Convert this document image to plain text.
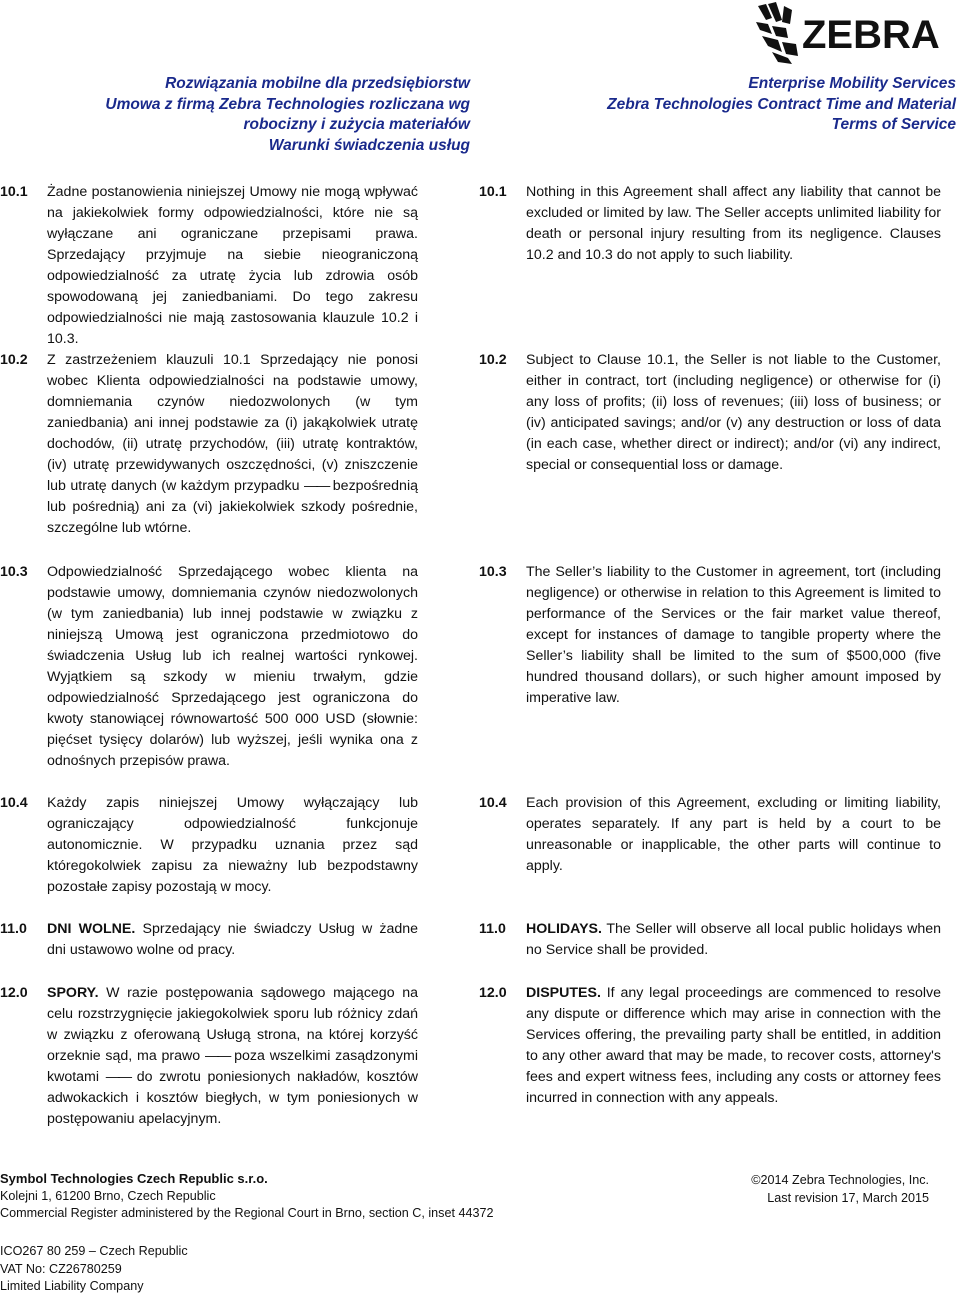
ZEBRA
Rozwiązania mobilne dla przedsiębiorstw
Umowa z firmą Zebra Technologies rozliczana wg
robocizny i zużycia materiałów
Warunki świadczenia usług
Enterprise Mobility Services
Zebra Technologies Contract Time and Material
Terms of Service
10.1	Żadne postanowienia niniejszej Umowy nie mogą wpływać na jakiekolwiek formy odpowiedzialności, które nie są wyłączane ani ograniczane przepisami prawa. Sprzedający przyjmuje na siebie nieograniczoną odpowiedzialność za utratę życia lub zdrowia osób spowodowaną jej zaniedbaniami. Do tego zakresu odpowiedzialności nie mają zastosowania klauzule 10.2 i 10.3.
10.2	Z zastrzeżeniem klauzuli 10.1 Sprzedający nie ponosi wobec Klienta odpowiedzialności na podstawie umowy, domniemania czynów niedozwolonych (w tym zaniedbania) ani innej podstawie za (i) jakąkolwiek utratę dochodów, (ii) utratę przychodów, (iii) utratę kontraktów, (iv) utratę przewidywanych oszczędności, (v) zniszczenie lub utratę danych (w każdym przypadku —— bezpośrednią lub pośrednią) ani za (vi) jakiekolwiek szkody pośrednie, szczególne lub wtórne.
10.3	Odpowiedzialność Sprzedającego wobec klienta na podstawie umowy, domniemania czynów niedozwolonych (w tym zaniedbania) lub innej podstawie w związku z niniejszą Umową jest ograniczona przedmiotowo do świadczenia Usług lub ich realnej wartości rynkowej. Wyjątkiem są szkody w mieniu trwałym, gdzie odpowiedzialność Sprzedającego jest ograniczona do kwoty stanowiącej równowartość 500 000 USD (słownie: pięćset tysięcy dolarów) lub wyższej, jeśli wynika ona z odnośnych przepisów prawa.
10.4	Każdy zapis niniejszej Umowy wyłączający lub ograniczający odpowiedzialność funkcjonuje autonomicznie. W przypadku uznania przez sąd któregokolwiek zapisu za nieważny lub bezpodstawny pozostałe zapisy pozostają w mocy.
11.0	DNI WOLNE. Sprzedający nie świadczy Usług w żadne dni ustawowo wolne od pracy.
12.0	SPORY. W razie postępowania sądowego mającego na celu rozstrzygnięcie jakiegokolwiek sporu lub różnicy zdań w związku z oferowaną Usługą strona, na której korzyść orzeknie sąd, ma prawo —— poza wszelkimi zasądzonymi kwotami —— do zwrotu poniesionych nakładów, kosztów adwokackich i kosztów biegłych, w tym poniesionych w postępowaniu apelacyjnym.
10.1	Nothing in this Agreement shall affect any liability that cannot be excluded or limited by law. The Seller accepts unlimited liability for death or personal injury resulting from its negligence. Clauses 10.2 and 10.3 do not apply to such liability.
10.2	Subject to Clause 10.1, the Seller is not liable to the Customer, either in contract, tort (including negligence) or otherwise for (i) any loss of profits; (ii) loss of revenues; (iii) loss of business; or (iv) anticipated savings; and/or (v) any destruction or loss of data (in each case, whether direct or indirect); and/or (vi) any indirect, special or consequential loss or damage.
10.3	The Seller’s liability to the Customer in agreement, tort (including negligence) or otherwise in relation to this Agreement is limited to performance of the Services or the fair market value thereof, except for instances of damage to tangible property where the Seller’s liability shall be limited to the sum of $500,000 (five hundred thousand dollars), or such higher amount imposed by imperative law.
10.4	Each provision of this Agreement, excluding or limiting liability, operates separately. If any part is held by a court to be unreasonable or inapplicable, the other parts will continue to apply.
11.0	HOLIDAYS. The Seller will observe all local public holidays when no Service shall be provided.
12.0	DISPUTES. If any legal proceedings are commenced to resolve any dispute or difference which may arise in connection with the Services offering, the prevailing party shall be entitled, in addition to any other award that may be made, to recover costs, attorney's fees and expert witness fees, including any costs or attorney fees incurred in connection with any appeals.
Symbol Technologies Czech Republic s.r.o.
Kolejni 1, 61200 Brno, Czech Republic
Commercial Register administered by the Regional Court in Brno, section C, inset 44372
©2014 Zebra Technologies, Inc.
Last revision 17, March 2015
ICO267 80 259 – Czech Republic
VAT No: CZ26780259
Limited Liability Company
